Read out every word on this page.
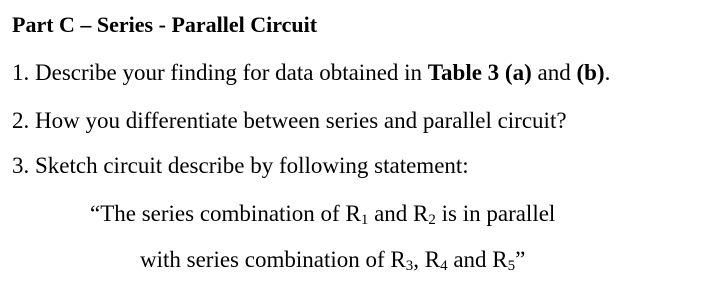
Part C – Series - Parallel Circuit
1. Describe your finding for data obtained in Table 3 (a) and (b).
2. How you differentiate between series and parallel circuit?
3. Sketch circuit describe by following statement:
“The series combination of $R_1$ and $R_2$ is in parallel
with series combination of $R_3$, $R_4$ and $R_5$”
